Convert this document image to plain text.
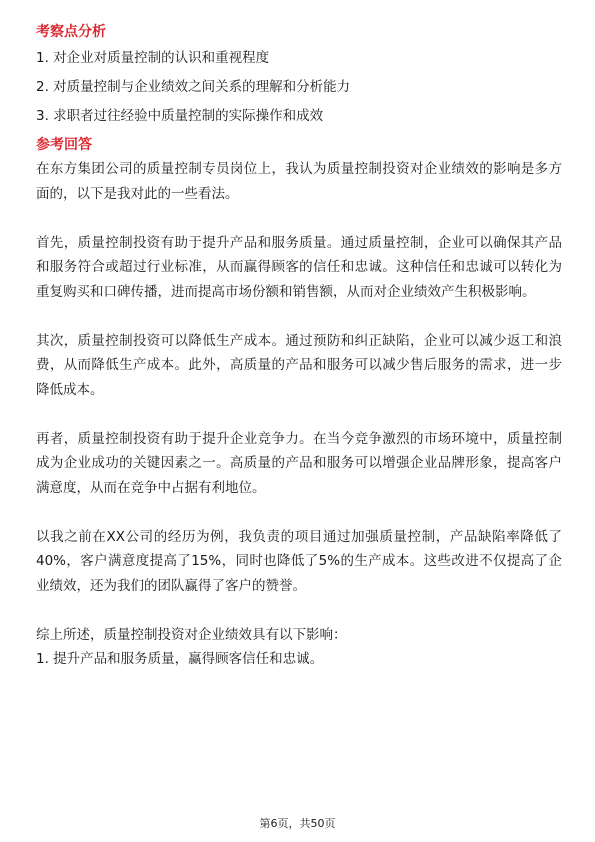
考察点分析
1. 对企业对质量控制的认识和重视程度
2. 对质量控制与企业绩效之间关系的理解和分析能力
3. 求职者过往经验中质量控制的实际操作和成效
参考回答

在东方集团公司的质量控制专员岗位上，我认为质量控制投资对企业绩效的影响是多方面的，以下是我对此的一些看法。

首先，质量控制投资有助于提升产品和服务质量。通过质量控制，企业可以确保其产品和服务符合或超过行业标准，从而赢得顾客的信任和忠诚。这种信任和忠诚可以转化为重复购买和口碑传播，进而提高市场份额和销售额，从而对企业绩效产生积极影响。

其次，质量控制投资可以降低生产成本。通过预防和纠正缺陷，企业可以减少返工和浪费，从而降低生产成本。此外，高质量的产品和服务可以减少售后服务的需求，进一步降低成本。

再者，质量控制投资有助于提升企业竞争力。在当今竞争激烈的市场环境中，质量控制成为企业成功的关键因素之一。高质量的产品和服务可以增强企业品牌形象，提高客户满意度，从而在竞争中占据有利地位。

以我之前在XX公司的经历为例，我负责的项目通过加强质量控制，产品缺陷率降低了40%，客户满意度提高了15%，同时也降低了5%的生产成本。这些改进不仅提高了企业绩效，还为我们的团队赢得了客户的赞誉。

综上所述，质量控制投资对企业绩效具有以下影响：

1. 提升产品和服务质量，赢得顾客信任和忠诚。

第6页，共50页
